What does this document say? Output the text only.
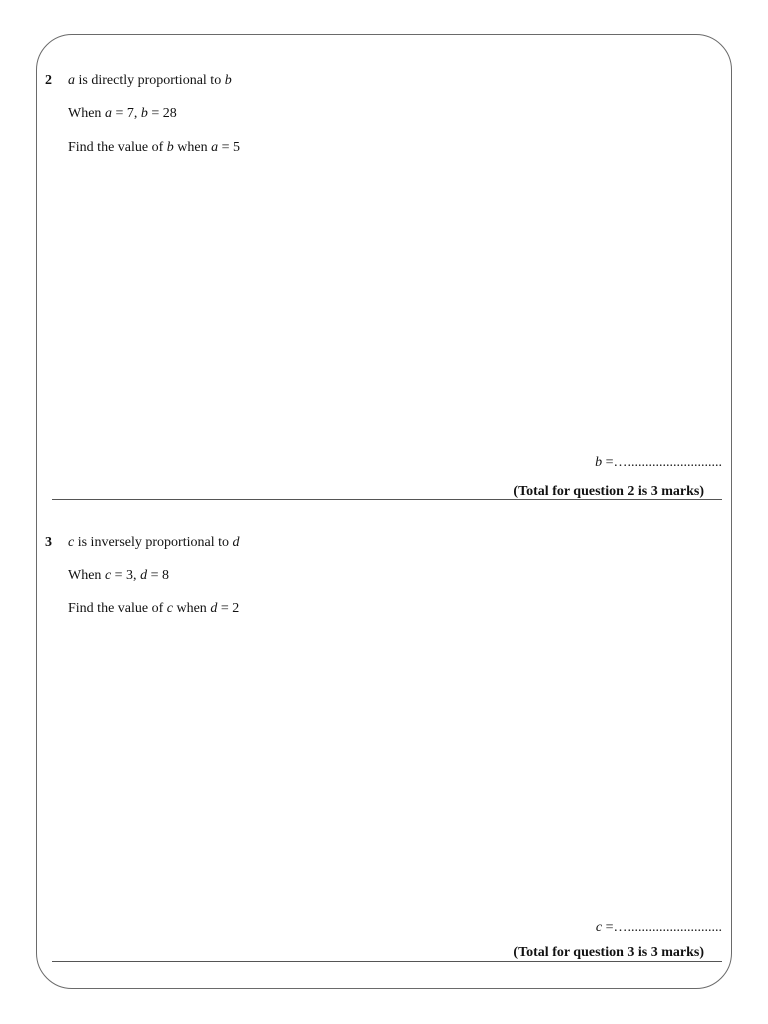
2 a is directly proportional to b
When a = 7, b = 28
Find the value of b when a = 5
b =…...........................
(Total for question 2 is 3 marks)
3 c is inversely proportional to d
When c = 3, d = 8
Find the value of c when d = 2
c =…...........................
(Total for question 3 is 3 marks)
